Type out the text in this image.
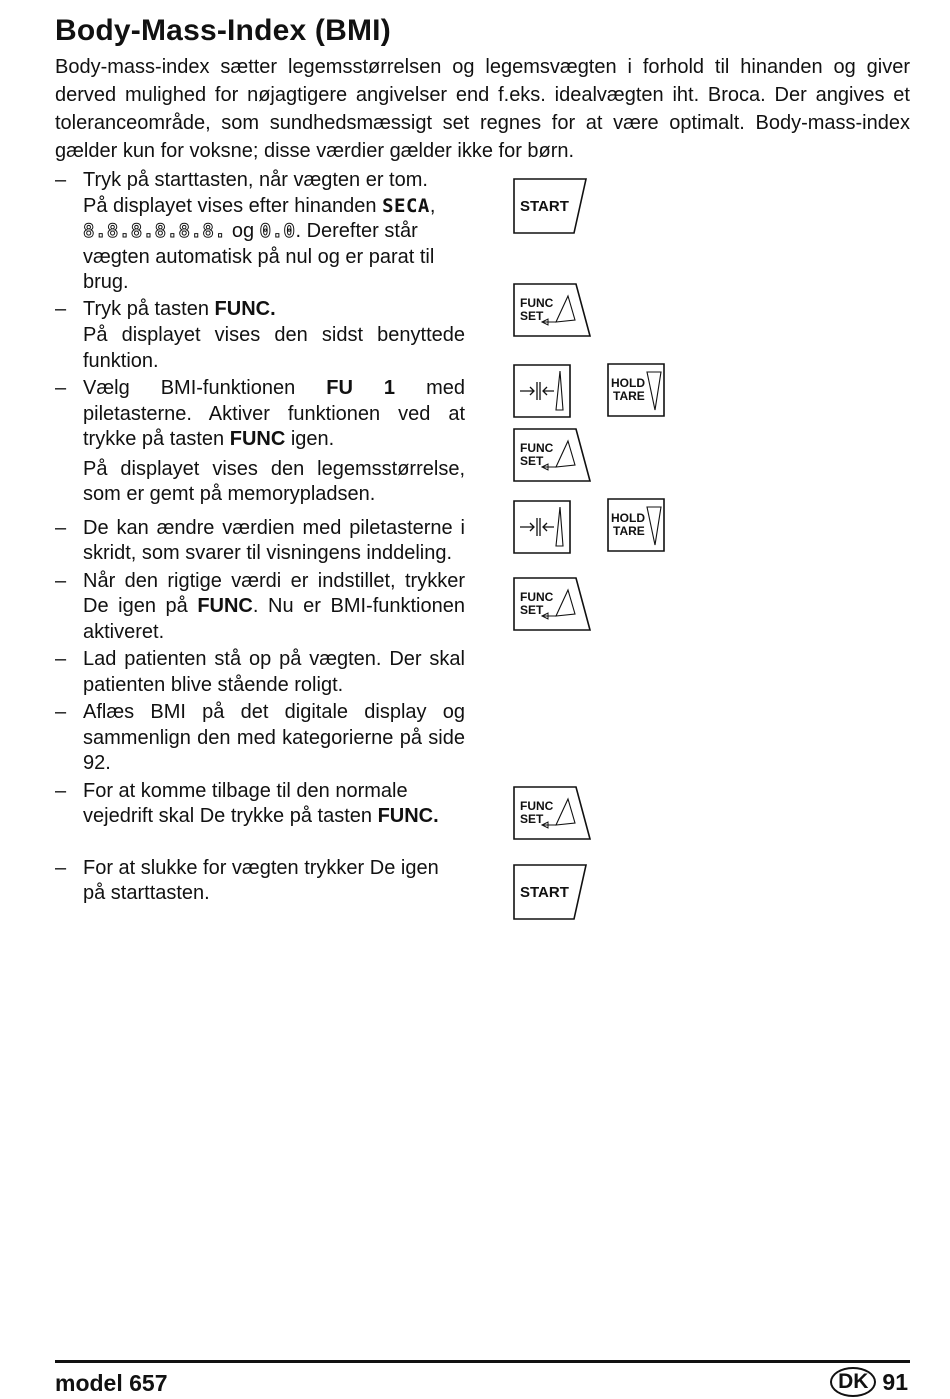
Body-Mass-Index (BMI)

Body-mass-index sætter legemsstørrelsen og legemsvægten i forhold til hinanden og giver derved mulighed for nøjagtigere angivelser end f.eks. idealvægten iht. Broca. Der angives et toleranceområde, som sundhedsmæssigt set regnes for at være optimalt. Body-mass-index gælder kun for voksne; disse værdier gælder ikke for børn.

– Tryk på starttasten, når vægten er tom.
På displayet vises efter hinanden SECA,
8.8.8.8.8.8. og 0.0. Derefter står vægten automatisk på nul og er parat til brug.

– Tryk på tasten FUNC.

På displayet vises den sidst benyttede funktion.

– Vælg BMI-funktionen FU 1 med piletasterne. Aktiver funktionen ved at trykke på tasten FUNC igen.

På displayet vises den legemsstørrelse, som er gemt på memorypladsen.

– De kan ændre værdien med piletasterne i skridt, som svarer til visningens inddeling.

– Når den rigtige værdi er indstillet, trykker De igen på FUNC. Nu er BMI-funktionen aktiveret.

– Lad patienten stå op på vægten. Der skal patienten blive stående roligt.

– Aflæs BMI på det digitale display og sammenlign den med kategorierne på side 92.

– For at komme tilbage til den normale vejedrift skal De trykke på tasten FUNC.

– For at slukke for vægten trykker De igen på starttasten.

START
FUNC
SET
HOLD
TARE
FUNC
SET
HOLD
TARE
FUNC
SET
FUNC
SET
START
model 657	DK 91
